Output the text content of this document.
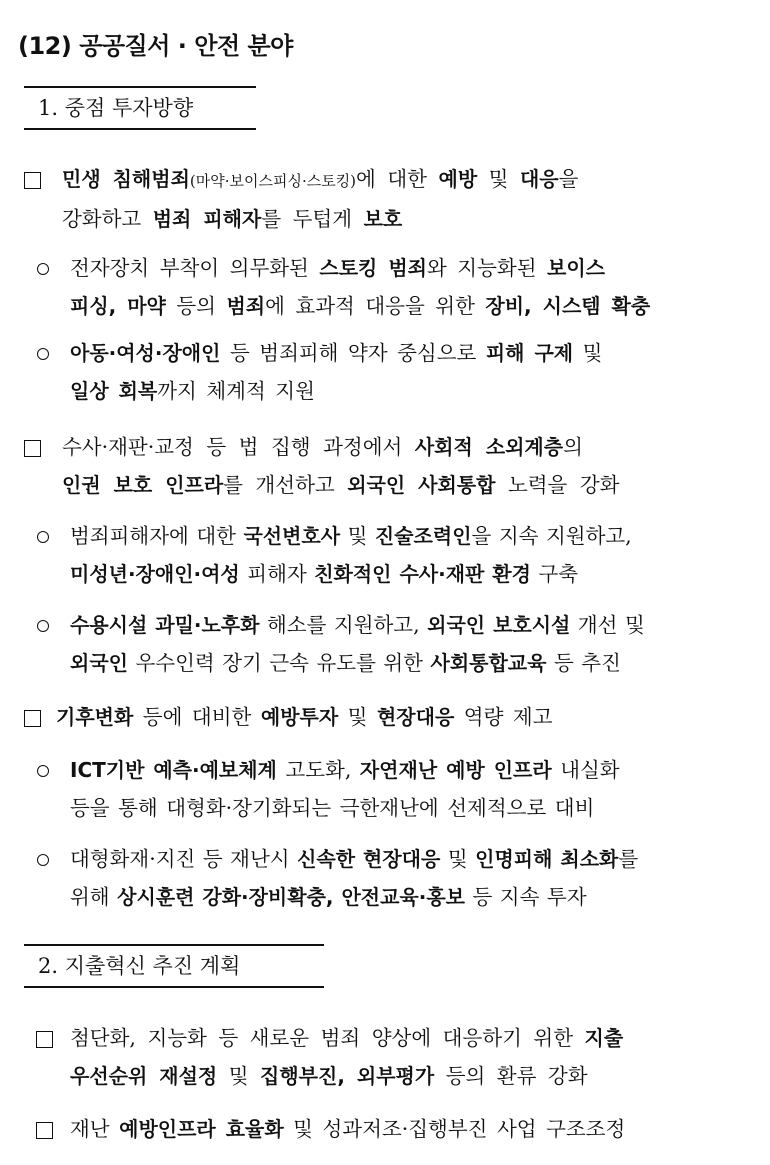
(12) 공공질서 · 안전 분야
1. 중점 투자방향
2. 지출혁신 추진 계획
민생 침해범죄(마약·보이스피싱·스토킹)에 대한 예방 및 대응을
강화하고 범죄 피해자를 두텁게 보호
전자장치 부착이 의무화된 스토킹 범죄와 지능화된 보이스
피싱, 마약 등의 범죄에 효과적 대응을 위한 장비, 시스템 확충
아동·여성·장애인 등 범죄피해 약자 중심으로 피해 구제 및
일상 회복까지 체계적 지원
수사·재판·교정 등 법 집행 과정에서 사회적 소외계층의
인권 보호 인프라를 개선하고 외국인 사회통합 노력을 강화
범죄피해자에 대한 국선변호사 및 진술조력인을 지속 지원하고,
미성년·장애인·여성 피해자 친화적인 수사·재판 환경 구축
수용시설 과밀·노후화 해소를 지원하고, 외국인 보호시설 개선 및
외국인 우수인력 장기 근속 유도를 위한 사회통합교육 등 추진
기후변화 등에 대비한 예방투자 및 현장대응 역량 제고
ICT기반 예측·예보체계 고도화, 자연재난 예방 인프라 내실화
등을 통해 대형화·장기화되는 극한재난에 선제적으로 대비
대형화재·지진 등 재난시 신속한 현장대응 및 인명피해 최소화를
위해 상시훈련 강화·장비확충, 안전교육·홍보 등 지속 투자
첨단화, 지능화 등 새로운 범죄 양상에 대응하기 위한 지출
우선순위 재설정 및 집행부진, 외부평가 등의 환류 강화
재난 예방인프라 효율화 및 성과저조·집행부진 사업 구조조정
